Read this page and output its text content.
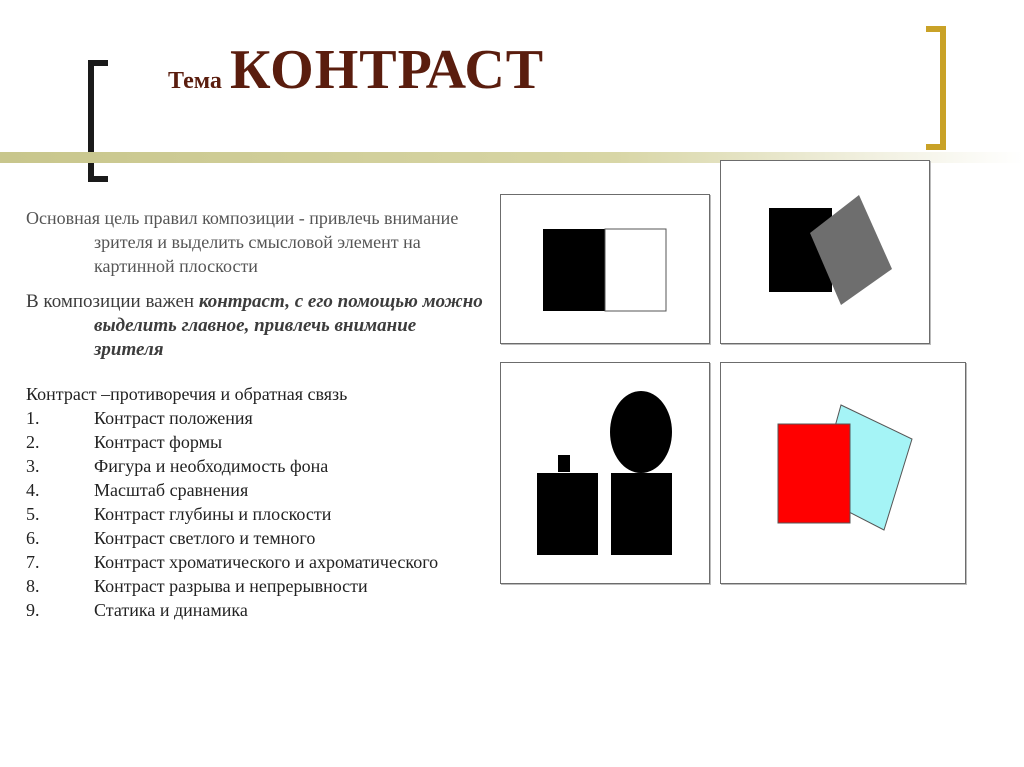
Тема КОНТРАСТ

Основная цель правил композиции - привлечь внимание зрителя и выделить смысловой элемент на картинной плоскости

В композиции важен контраст, с его помощью можно выделить главное, привлечь внимание зрителя

Контраст –противоречия и обратная связь

1.	Контраст положения
2.	Контраст формы
3.	Фигура и необходимость фона
4.	Масштаб сравнения
5.	Контраст глубины и плоскости
6.	Контраст светлого и темного
7.	Контраст хроматического и ахроматического
8.	Контраст разрыва и непрерывности
9.	Статика и динамика
